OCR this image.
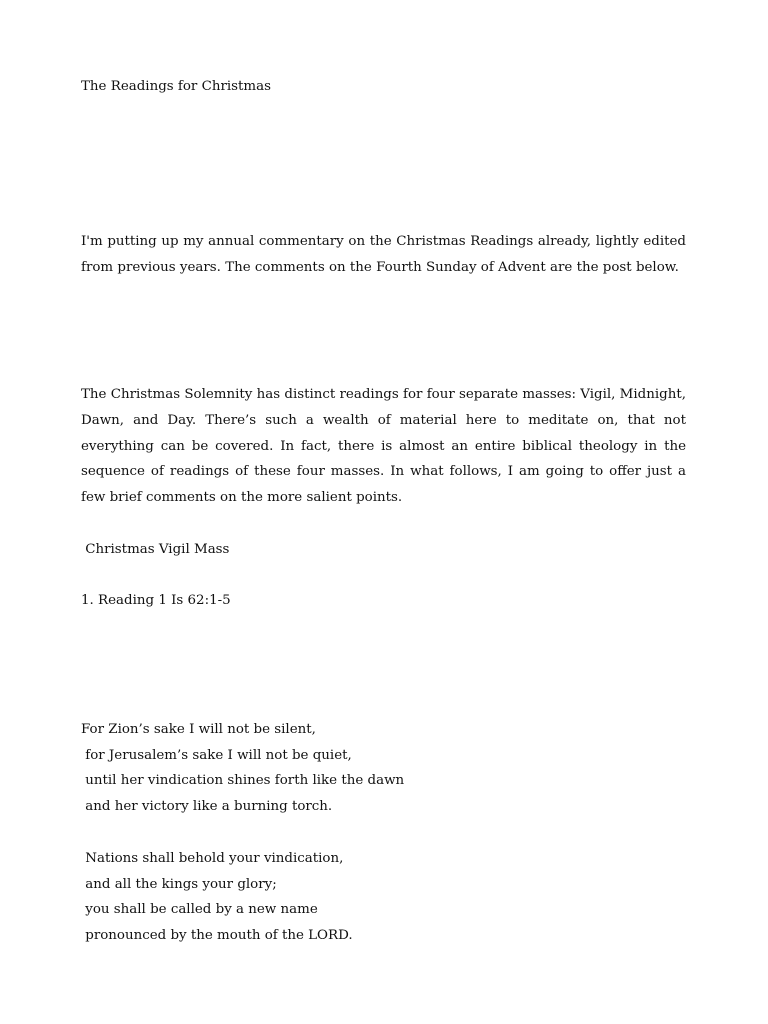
The Readings for Christmas

I'm putting up my annual commentary on the Christmas Readings already, lightly edited from previous years. The comments on the Fourth Sunday of Advent are the post below.

The Christmas Solemnity has distinct readings for four separate masses: Vigil, Midnight, Dawn, and Day. There’s such a wealth of material here to meditate on, that not everything can be covered. In fact, there is almost an entire biblical theology in the sequence of readings of these four masses. In what follows, I am going to offer just a few brief comments on the more salient points.

Christmas Vigil Mass
1. Reading 1 Is 62:1-5
For Zion’s sake I will not be silent,
for Jerusalem’s sake I will not be quiet,
until her vindication shines forth like the dawn
and her victory like a burning torch.
Nations shall behold your vindication,
and all the kings your glory;
you shall be called by a new name
pronounced by the mouth of the LORD.
